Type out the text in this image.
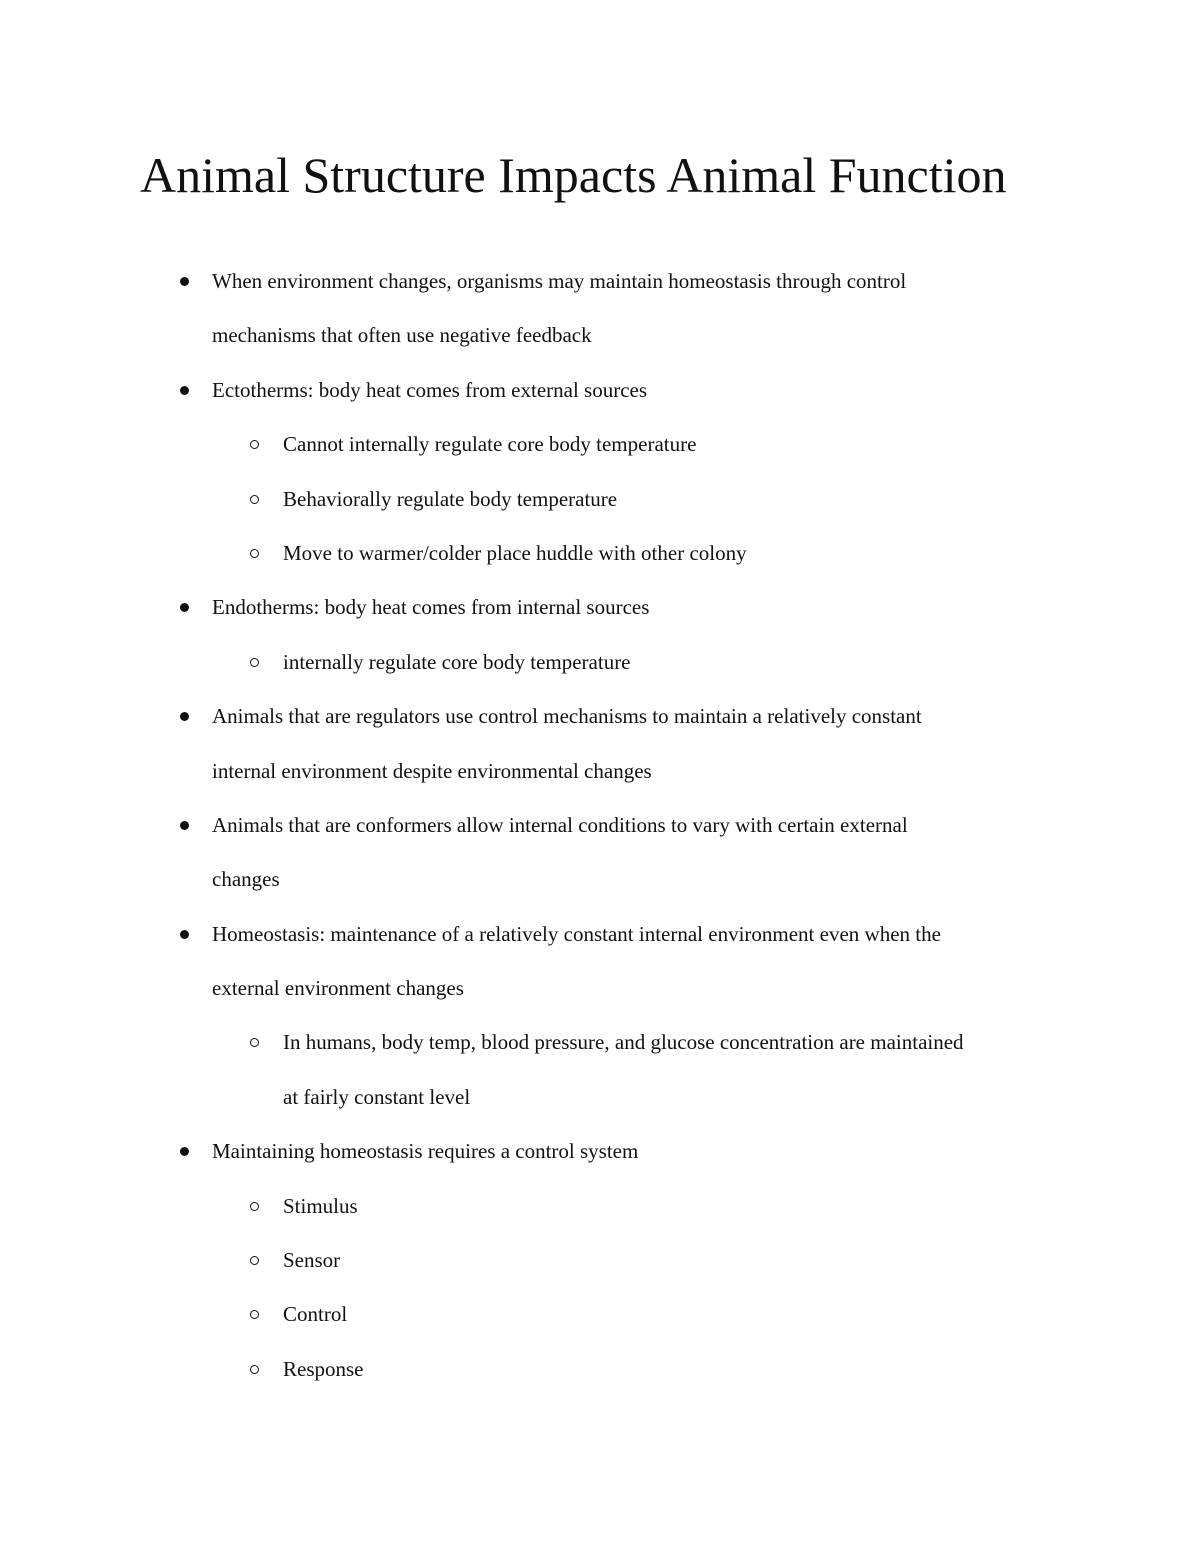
Animal Structure Impacts Animal Function
When environment changes, organisms may maintain homeostasis through control
mechanisms that often use negative feedback
Ectotherms: body heat comes from external sources
Cannot internally regulate core body temperature
Behaviorally regulate body temperature
Move to warmer/colder place huddle with other colony
Endotherms: body heat comes from internal sources
internally regulate core body temperature
Animals that are regulators use control mechanisms to maintain a relatively constant
internal environment despite environmental changes
Animals that are conformers allow internal conditions to vary with certain external
changes
Homeostasis: maintenance of a relatively constant internal environment even when the
external environment changes
In humans, body temp, blood pressure, and glucose concentration are maintained
at fairly constant level
Maintaining homeostasis requires a control system
Stimulus
Sensor
Control
Response
